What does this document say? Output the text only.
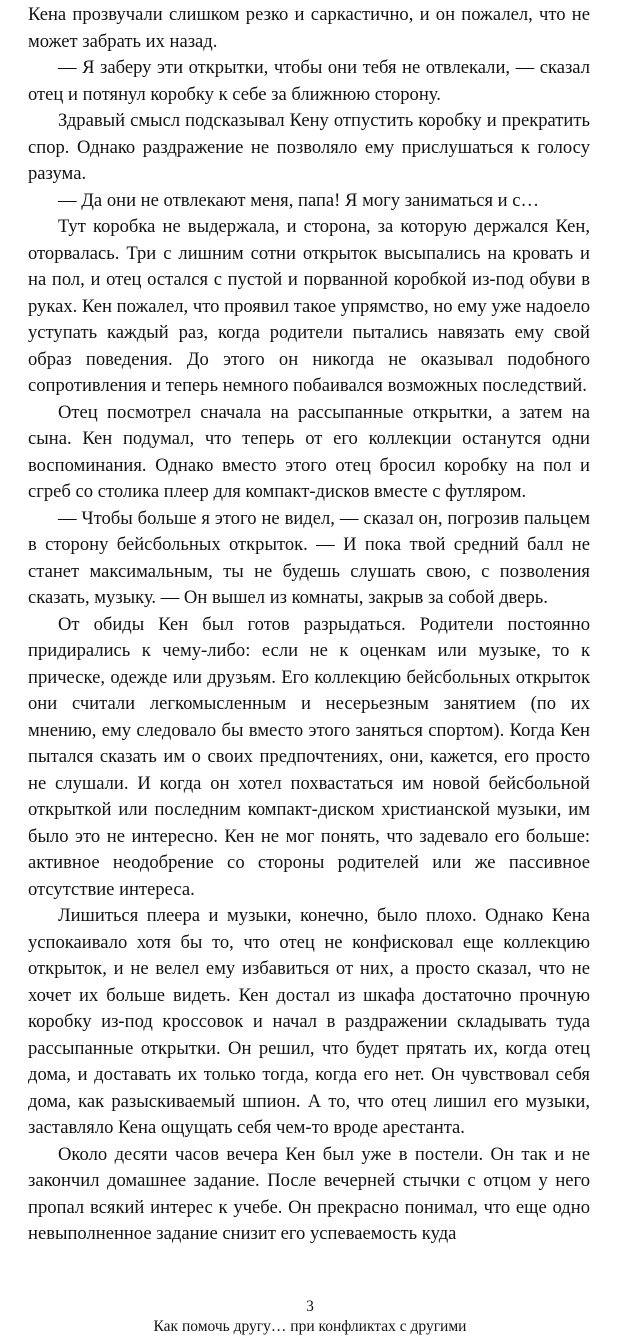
Кена прозвучали слишком резко и саркастично, и он пожалел, что не может забрать их назад.

— Я заберу эти открытки, чтобы они тебя не отвлекали, — сказал отец и потянул коробку к себе за ближнюю сторону.

Здравый смысл подсказывал Кену отпустить коробку и прекратить спор. Однако раздражение не позволяло ему прислушаться к голосу разума.

— Да они не отвлекают меня, папа! Я могу заниматься и с…

Тут коробка не выдержала, и сторона, за которую держался Кен, оторвалась. Три с лишним сотни открыток высыпались на кровать и на пол, и отец остался с пустой и порванной коробкой из-под обуви в руках. Кен пожалел, что проявил такое упрямство, но ему уже надоело уступать каждый раз, когда родители пытались навязать ему свой образ поведения. До этого он никогда не оказывал подобного сопротивления и теперь немного побаивался возможных последствий.

Отец посмотрел сначала на рассыпанные открытки, а затем на сына. Кен подумал, что теперь от его коллекции останутся одни воспоминания. Однако вместо этого отец бросил коробку на пол и сгреб со столика плеер для компакт-дисков вместе с футляром.

— Чтобы больше я этого не видел, — сказал он, погрозив пальцем в сторону бейсбольных открыток. — И пока твой средний балл не станет максимальным, ты не будешь слушать свою, с позволения сказать, музыку. — Он вышел из комнаты, закрыв за собой дверь.

От обиды Кен был готов разрыдаться. Родители постоянно придирались к чему-либо: если не к оценкам или музыке, то к прическе, одежде или друзьям. Его коллекцию бейсбольных открыток они считали легкомысленным и несерьезным занятием (по их мнению, ему следовало бы вместо этого заняться спортом). Когда Кен пытался сказать им о своих предпочтениях, они, кажется, его просто не слушали. И когда он хотел похвастаться им новой бейсбольной открыткой или последним компакт-диском христианской музыки, им было это не интересно. Кен не мог понять, что задевало его больше: активное неодобрение со стороны родителей или же пассивное отсутствие интереса.

Лишиться плеера и музыки, конечно, было плохо. Однако Кена успокаивало хотя бы то, что отец не конфисковал еще коллекцию открыток, и не велел ему избавиться от них, а просто сказал, что не хочет их больше видеть. Кен достал из шкафа достаточно прочную коробку из-под кроссовок и начал в раздражении складывать туда рассыпанные открытки. Он решил, что будет прятать их, когда отец дома, и доставать их только тогда, когда его нет. Он чувствовал себя дома, как разыскиваемый шпион. А то, что отец лишил его музыки, заставляло Кена ощущать себя чем-то вроде арестанта.

Около десяти часов вечера Кен был уже в постели. Он так и не закончил домашнее задание. После вечерней стычки с отцом у него пропал всякий интерес к учебе. Он прекрасно понимал, что еще одно невыполненное задание снизит его успеваемость куда

3
Как помочь другу… при конфликтах с другими
